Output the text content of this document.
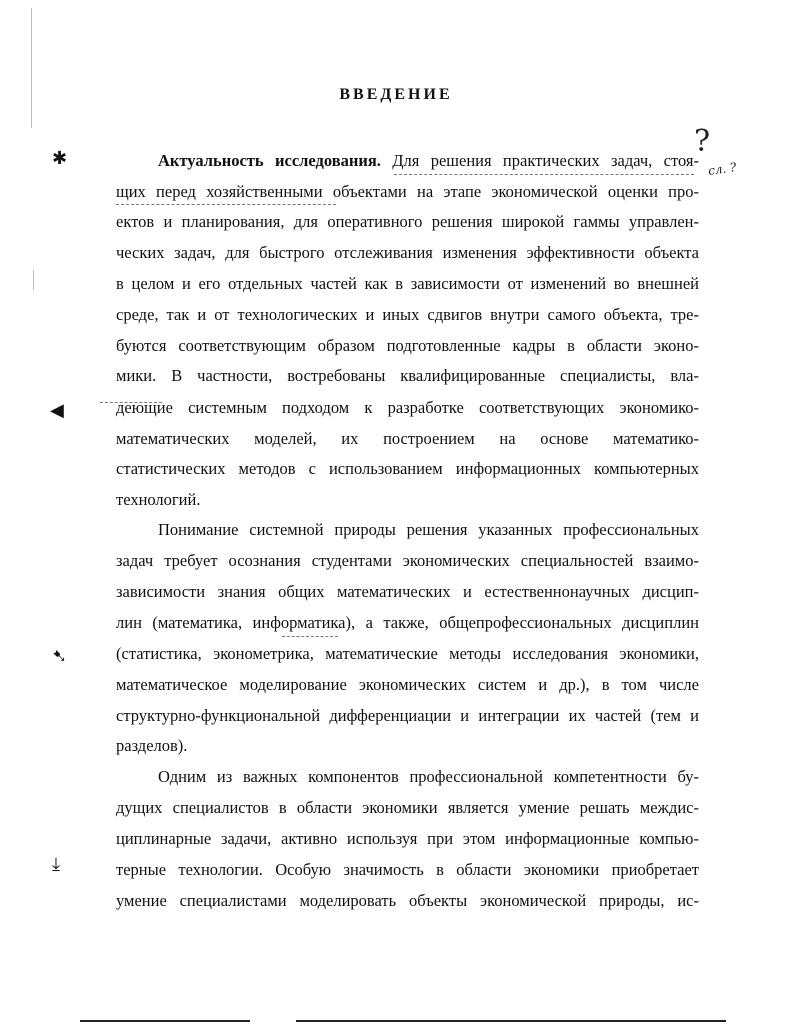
✱
◀
➷
⤓
?
сл. ?
ВВЕДЕНИЕ
Актуальность исследования. Для решения практических задач, стоя-
щих перед хозяйственными объектами на этапе экономической оценки про-
ектов и планирования, для оперативного решения широкой гаммы управлен-
ческих задач, для быстрого отслеживания изменения эффективности объекта
в целом и его отдельных частей как в зависимости от изменений во внешней
среде, так и от технологических и иных сдвигов внутри самого объекта, тре-
буются соответствующим образом подготовленные кадры в области эконо-
мики. В частности, востребованы квалифицированные специалисты, вла-
деющие системным подходом к разработке соответствующих экономико-
математических моделей, их построением на основе математико-
статистических методов с использованием информационных компьютерных
технологий.
Понимание системной природы решения указанных профессиональных
задач требует осознания студентами экономических специальностей взаимо-
зависимости знания общих математических и естественнонаучных дисцип-
лин (математика, информатика), а также, общепрофессиональных дисциплин
(статистика, эконометрика, математические методы исследования экономики,
математическое моделирование экономических систем и др.), в том числе
структурно-функциональной дифференциации и интеграции их частей (тем и
разделов).
Одним из важных компонентов профессиональной компетентности бу-
дущих специалистов в области экономики является умение решать междис-
циплинарные задачи, активно используя при этом информационные компью-
терные технологии. Особую значимость в области экономики приобретает
умение специалистами моделировать объекты экономической природы, ис-
